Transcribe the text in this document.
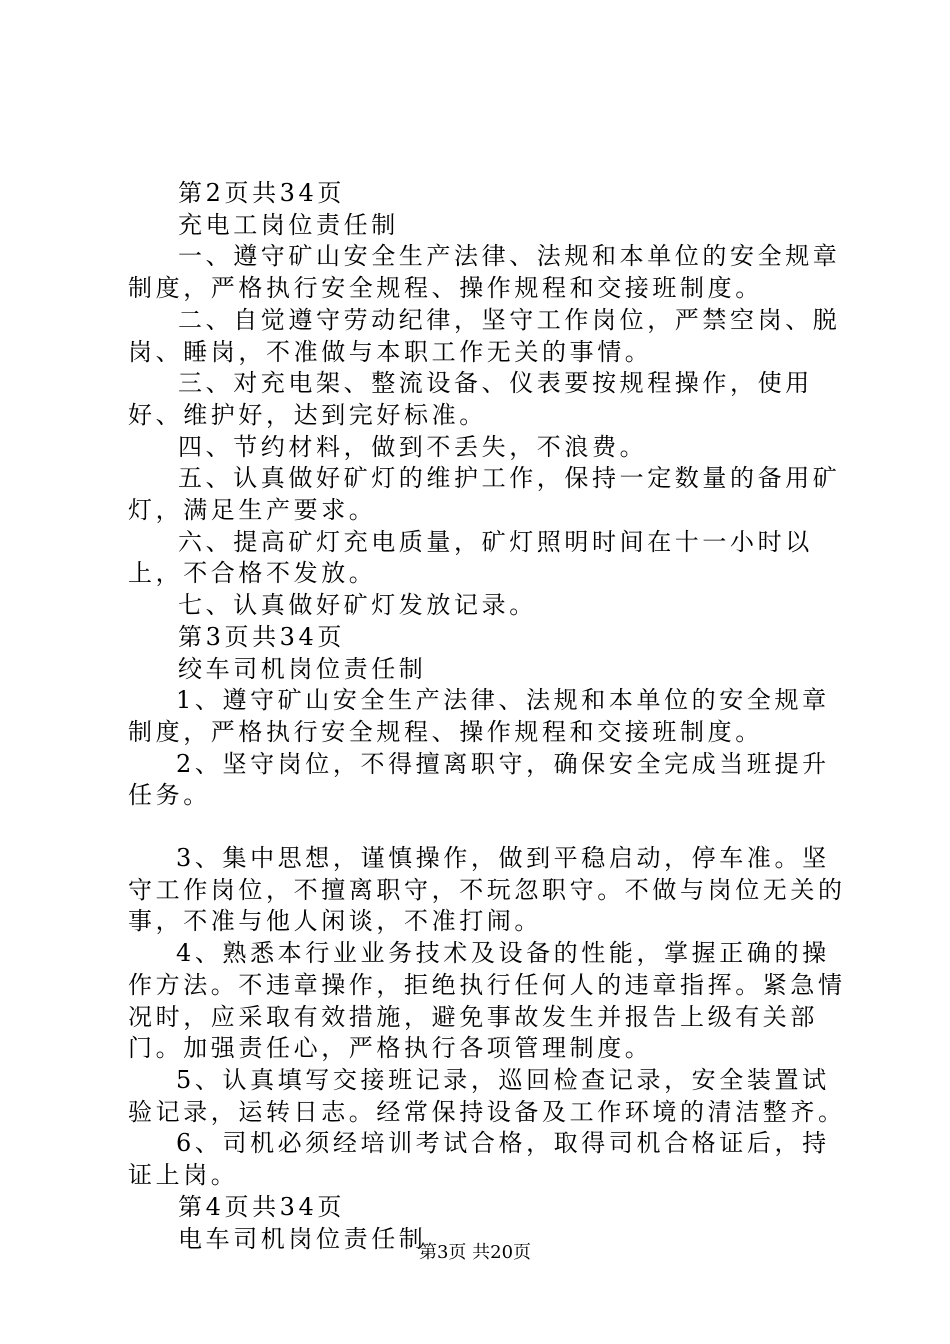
第2页共34页

充电工岗位责任制

一、遵守矿山安全生产法律、法规和本单位的安全规章制度，严格执行安全规程、操作规程和交接班制度。

二、自觉遵守劳动纪律，坚守工作岗位，严禁空岗、脱岗、睡岗，不准做与本职工作无关的事情。

三、对充电架、整流设备、仪表要按规程操作，使用好、维护好，达到完好标准。

四、节约材料，做到不丢失，不浪费。

五、认真做好矿灯的维护工作，保持一定数量的备用矿灯，满足生产要求。

六、提高矿灯充电质量，矿灯照明时间在十一小时以上，不合格不发放。

七、认真做好矿灯发放记录。

第3页共34页

绞车司机岗位责任制

1、遵守矿山安全生产法律、法规和本单位的安全规章制度，严格执行安全规程、操作规程和交接班制度。

2、坚守岗位，不得擅离职守，确保安全完成当班提升任务。

3、集中思想，谨慎操作，做到平稳启动，停车准。坚守工作岗位，不擅离职守，不玩忽职守。不做与岗位无关的事，不准与他人闲谈，不准打闹。

4、熟悉本行业业务技术及设备的性能，掌握正确的操作方法。不违章操作，拒绝执行任何人的违章指挥。紧急情况时，应采取有效措施，避免事故发生并报告上级有关部门。加强责任心，严格执行各项管理制度。

5、认真填写交接班记录，巡回检查记录，安全装置试验记录，运转日志。经常保持设备及工作环境的清洁整齐。

6、司机必须经培训考试合格，取得司机合格证后，持证上岗。

第4页共34页

电车司机岗位责任制

第3页 共20页
